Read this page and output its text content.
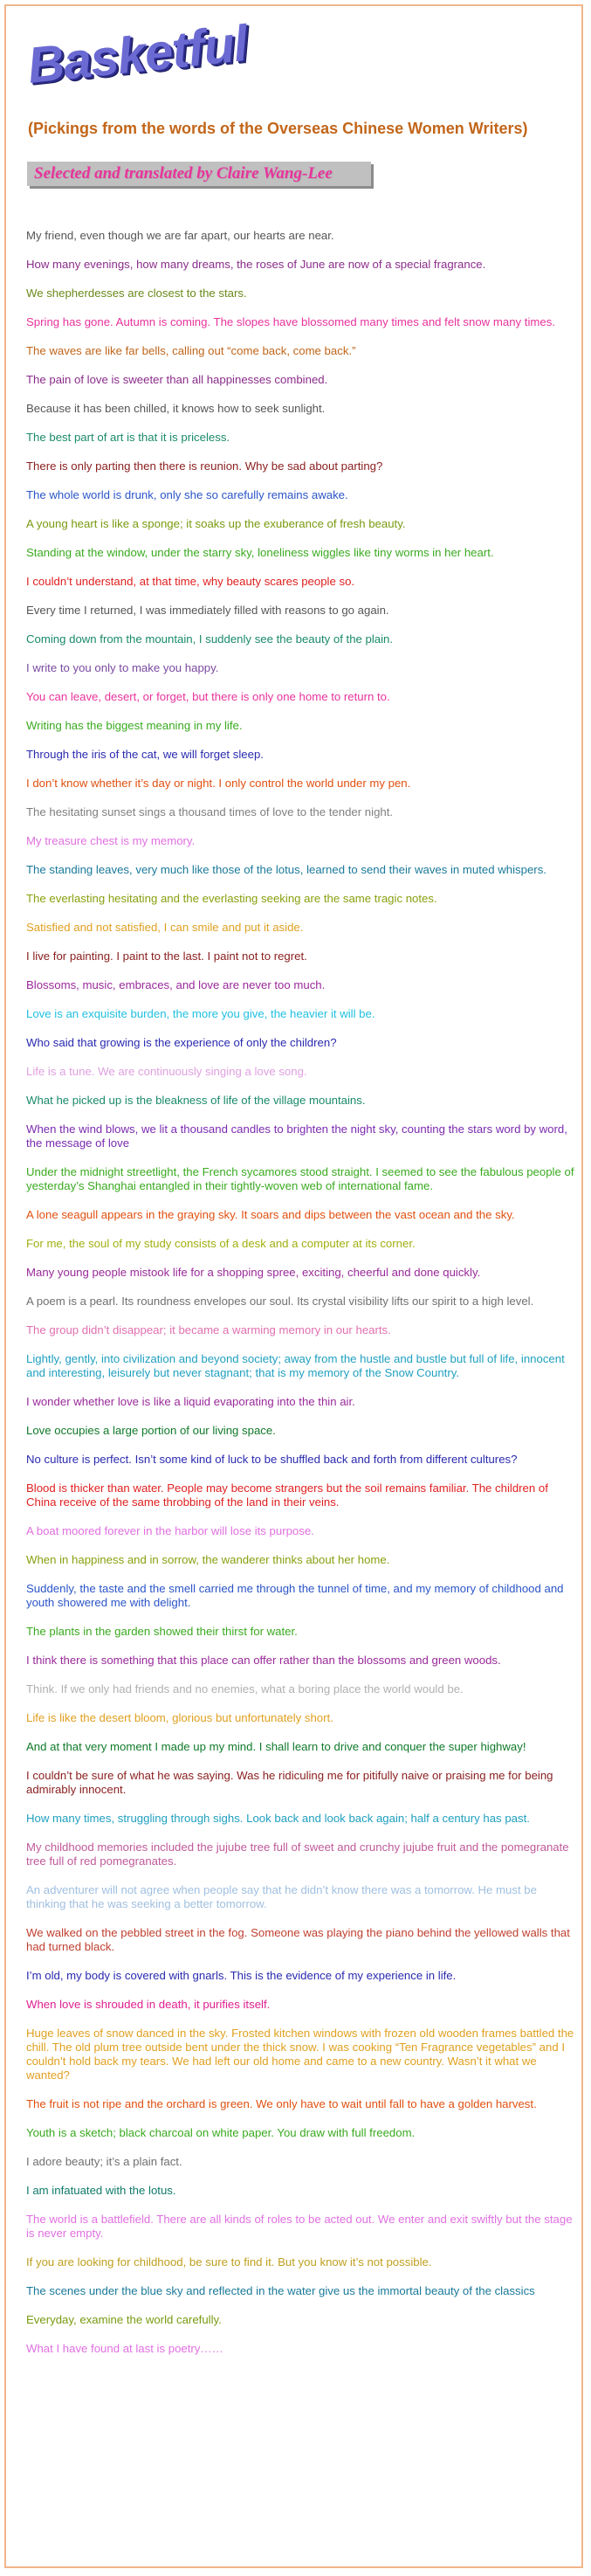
Basketful
(Pickings from the words of the Overseas Chinese Women Writers)
Selected and translated by Claire Wang-Lee
My friend, even though we are far apart, our hearts are near.
How many evenings, how many dreams, the roses of June are now of a special fragrance.
We shepherdesses are closest to the stars.
Spring has gone. Autumn is coming. The slopes have blossomed many times and felt snow many times.
The waves are like far bells, calling out “come back, come back.”
The pain of love is sweeter than all happinesses combined.
Because it has been chilled, it knows how to seek sunlight.
The best part of art is that it is priceless.
There is only parting then there is reunion. Why be sad about parting?
The whole world is drunk, only she so carefully remains awake.
A young heart is like a sponge; it soaks up the exuberance of fresh beauty.
Standing at the window, under the starry sky, loneliness wiggles like tiny worms in her heart.
I couldn’t understand, at that time, why beauty scares people so.
Every time I returned, I was immediately filled with reasons to go again.
Coming down from the mountain, I suddenly see the beauty of the plain.
I write to you only to make you happy.
You can leave, desert, or forget, but there is only one home to return to.
Writing has the biggest meaning in my life.
Through the iris of the cat, we will forget sleep.
I don’t know whether it’s day or night. I only control the world under my pen.
The hesitating sunset sings a thousand times of love to the tender night.
My treasure chest is my memory.
The standing leaves, very much like those of the lotus, learned to send their waves in muted whispers.
The everlasting hesitating and the everlasting seeking are the same tragic notes.
Satisfied and not satisfied, I can smile and put it aside.
I live for painting. I paint to the last. I paint not to regret.
Blossoms, music, embraces, and love are never too much.
Love is an exquisite burden, the more you give, the heavier it will be.
Who said that growing is the experience of only the children?
Life is a tune. We are continuously singing a love song.
What he picked up is the bleakness of life of the village mountains.
When the wind blows, we lit a thousand candles to brighten the night sky, counting the stars word by word, the message of love
Under the midnight streetlight, the French sycamores stood straight. I seemed to see the fabulous people of yesterday’s Shanghai entangled in their tightly-woven web of international fame.
A lone seagull appears in the graying sky. It soars and dips between the vast ocean and the sky.
For me, the soul of my study consists of a desk and a computer at its corner.
Many young people mistook life for a shopping spree, exciting, cheerful and done quickly.
A poem is a pearl. Its roundness envelopes our soul. Its crystal visibility lifts our spirit to a high level.
The group didn’t disappear; it became a warming memory in our hearts.
Lightly, gently, into civilization and beyond society; away from the hustle and bustle but full of life, innocent and interesting, leisurely but never stagnant; that is my memory of the Snow Country.
I wonder whether love is like a liquid evaporating into the thin air.
Love occupies a large portion of our living space.
No culture is perfect. Isn’t some kind of luck to be shuffled back and forth from different cultures?
Blood is thicker than water. People may become strangers but the soil remains familiar. The children of China receive of the same throbbing of the land in their veins.
A boat moored forever in the harbor will lose its purpose.
When in happiness and in sorrow, the wanderer thinks about her home.
Suddenly, the taste and the smell carried me through the tunnel of time, and my memory of childhood and youth showered me with delight.
The plants in the garden showed their thirst for water.
I think there is something that this place can offer rather than the blossoms and green woods.
Think. If we only had friends and no enemies, what a boring place the world would be.
Life is like the desert bloom, glorious but unfortunately short.
And at that very moment I made up my mind. I shall learn to drive and conquer the super highway!
I couldn’t be sure of what he was saying. Was he ridiculing me for pitifully naive or praising me for being admirably innocent.
How many times, struggling through sighs. Look back and look back again; half a century has past.
My childhood memories included the jujube tree full of sweet and crunchy jujube fruit and the pomegranate tree full of red pomegranates.
An adventurer will not agree when people say that he didn’t know there was a tomorrow. He must be thinking that he was seeking a better tomorrow.
We walked on the pebbled street in the fog. Someone was playing the piano behind the yellowed walls that had turned black.
I’m old, my body is covered with gnarls. This is the evidence of my experience in life.
When love is shrouded in death, it purifies itself.
Huge leaves of snow danced in the sky. Frosted kitchen windows with frozen old wooden frames battled the chill. The old plum tree outside bent under the thick snow. I was cooking “Ten Fragrance vegetables” and I couldn’t hold back my tears. We had left our old home and came to a new country. Wasn’t it what we wanted?
The fruit is not ripe and the orchard is green. We only have to wait until fall to have a golden harvest.
Youth is a sketch; black charcoal on white paper. You draw with full freedom.
I adore beauty; it’s a plain fact.
I am infatuated with the lotus.
The world is a battlefield. There are all kinds of roles to be acted out. We enter and exit swiftly but the stage is never empty.
If you are looking for childhood, be sure to find it. But you know it’s not possible.
The scenes under the blue sky and reflected in the water give us the immortal beauty of the classics
Everyday, examine the world carefully.
What I have found at last is poetry……
